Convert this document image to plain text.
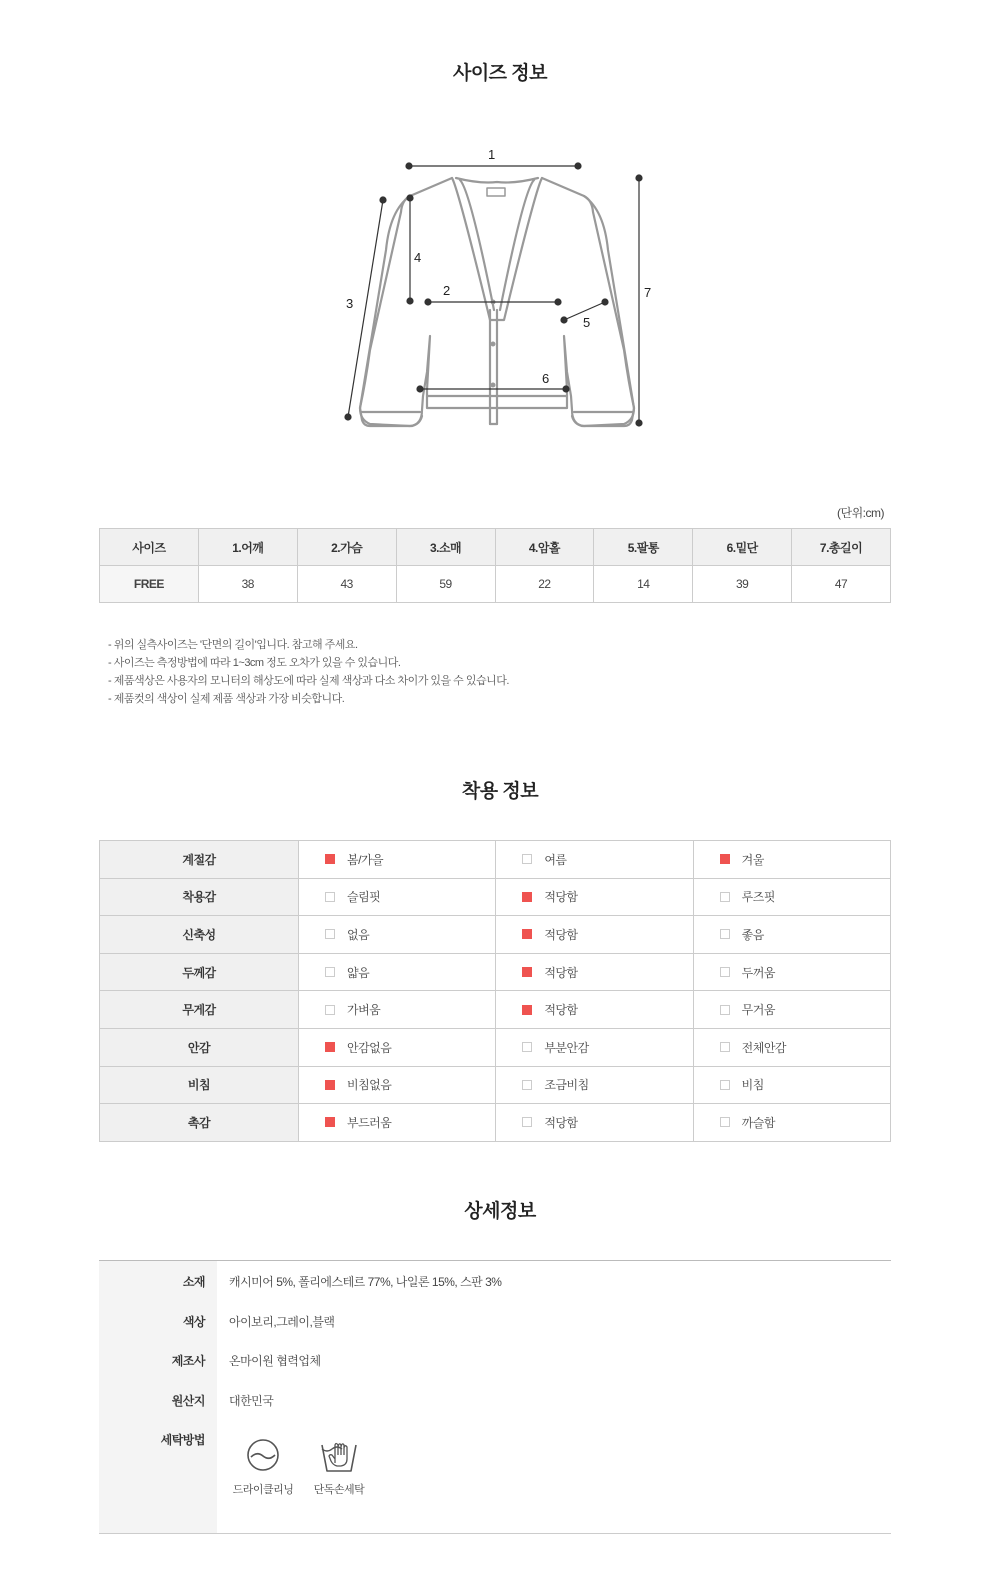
사이즈 정보
1
2
3
4
5
6
7
(단위:cm)
사이즈	1.어깨	2.가슴	3.소매	4.암홀	5.팔통	6.밑단	7.총길이
FREE	38	43	59	22	14	39	47
- 위의 실측사이즈는 '단면의 길이'입니다. 참고해 주세요.
- 사이즈는 측정방법에 따라 1~3cm 정도 오차가 있을 수 있습니다.
- 제품색상은 사용자의 모니터의 해상도에 따라 실제 색상과 다소 차이가 있을 수 있습니다.
- 제품컷의 색상이 실제 제품 색상과 가장 비슷합니다.
착용 정보
계절감	봄/가을	여름	겨울

착용감	슬림핏	적당함	루즈핏

신축성	없음	적당함	좋음

두께감	얇음	적당함	두꺼움

무게감	가벼움	적당함	무거움

안감	안감없음	부분안감	전체안감

비침	비침없음	조금비침	비침

촉감	부드러움	적당함	까슬함
상세정보
소재 캐시미어 5%, 폴리에스테르 77%, 나일론 15%, 스판 3%
색상 아이보리,그레이,블랙
제조사 온마이원 협력업체
원산지 대한민국
세탁방법
드라이클리닝	단독손세탁
